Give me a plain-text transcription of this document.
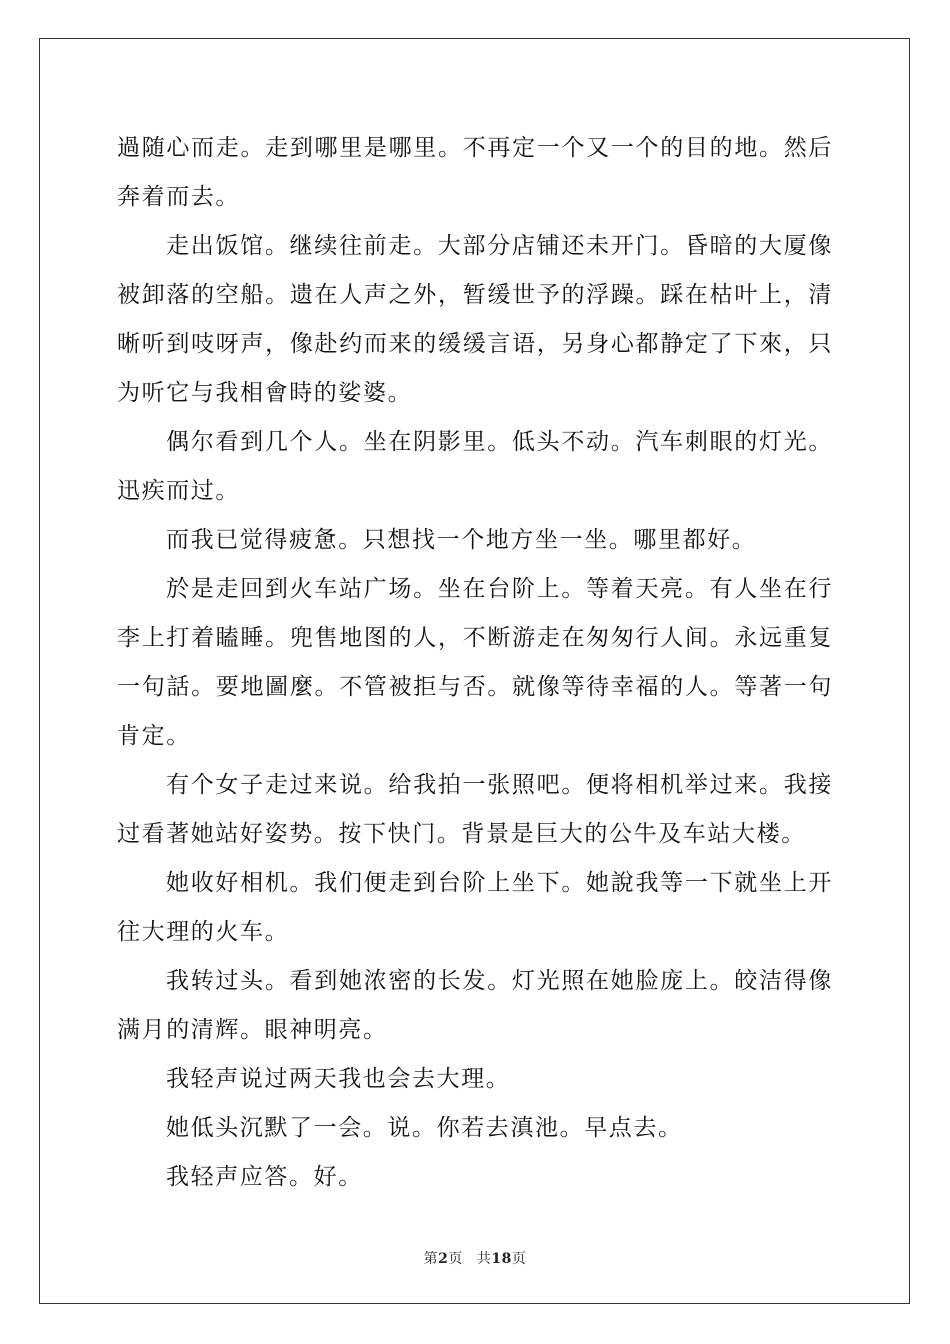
過随心而走。走到哪里是哪里。不再定一个又一个的目的地。然后奔着而去。

走出饭馆。继续往前走。大部分店铺还未开门。昏暗的大厦像被卸落的空船。遗在人声之外，暂缓世予的浮躁。踩在枯叶上，清晰听到吱呀声，像赴约而来的缓缓言语，另身心都静定了下來，只为听它与我相會時的娑婆。

偶尔看到几个人。坐在阴影里。低头不动。汽车刺眼的灯光。迅疾而过。

而我已觉得疲惫。只想找一个地方坐一坐。哪里都好。

於是走回到火车站广场。坐在台阶上。等着天亮。有人坐在行李上打着瞌睡。兜售地图的人，不断游走在匆匆行人间。永远重复一句話。要地圖麼。不管被拒与否。就像等待幸福的人。等著一句肯定。

有个女子走过来说。给我拍一张照吧。便将相机举过来。我接过看著她站好姿势。按下快门。背景是巨大的公牛及车站大楼。

她收好相机。我们便走到台阶上坐下。她說我等一下就坐上开往大理的火车。

我转过头。看到她浓密的长发。灯光照在她脸庞上。皎洁得像满月的清辉。眼神明亮。

我轻声说过两天我也会去大理。

她低头沉默了一会。说。你若去滇池。早点去。

我轻声应答。好。

第2页 共18页
